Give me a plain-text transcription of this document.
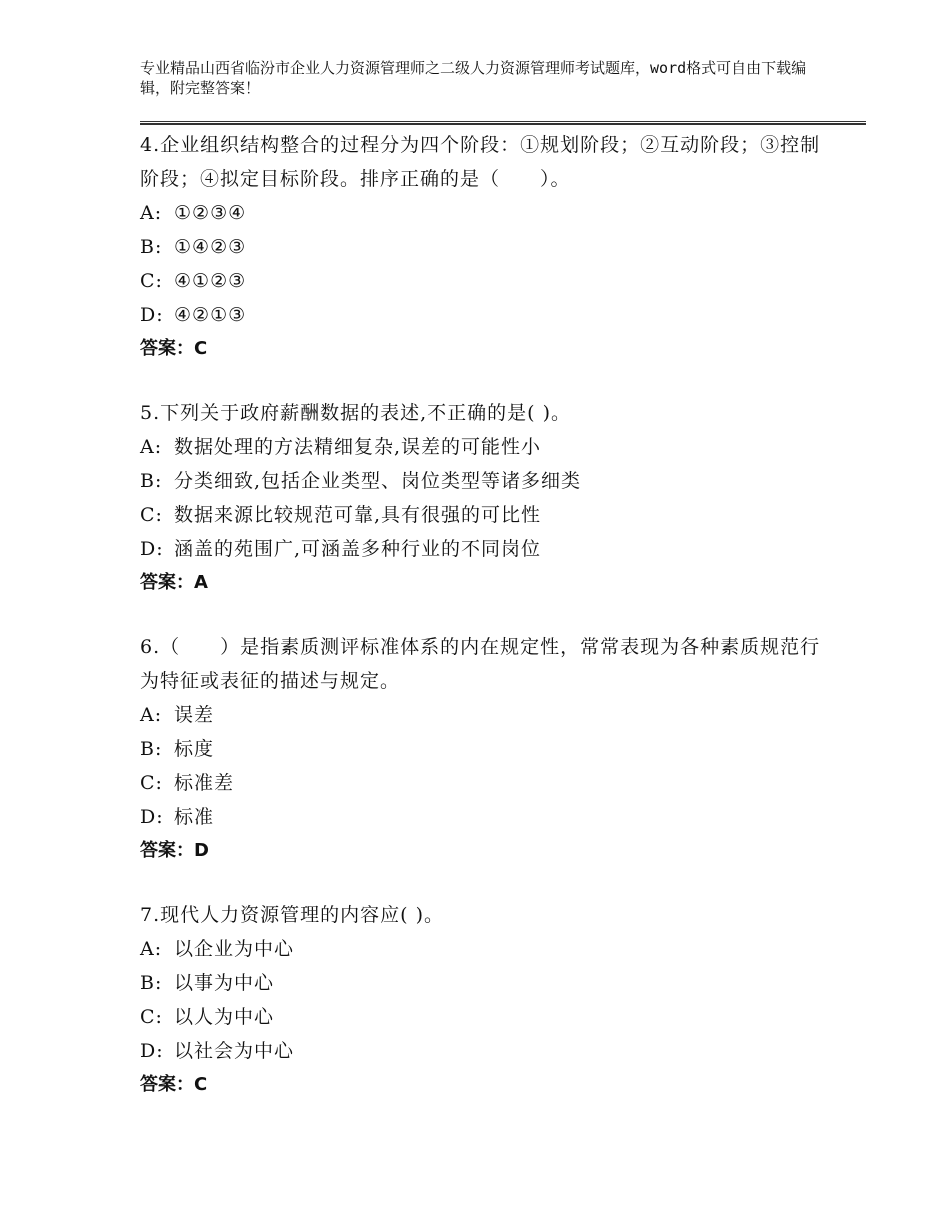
专业精品山西省临汾市企业人力资源管理师之二级人力资源管理师考试题库，word格式可自由下载编辑，附完整答案！

4.企业组织结构整合的过程分为四个阶段：①规划阶段；②互动阶段；③控制阶段；④拟定目标阶段。排序正确的是（　　）。

A: ①②③④
B: ①④②③
C: ④①②③
D: ④②①③
答案：C

5.下列关于政府薪酬数据的表述,不正确的是( )。

A: 数据处理的方法精细复杂,误差的可能性小
B: 分类细致,包括企业类型、岗位类型等诸多细类
C: 数据来源比较规范可靠,具有很强的可比性
D: 涵盖的苑围广,可涵盖多种行业的不同岗位
答案：A

6.（　　）是指素质测评标准体系的内在规定性，常常表现为各种素质规范行为特征或表征的描述与规定。

A: 误差
B: 标度
C: 标准差
D: 标准
答案：D

7.现代人力资源管理的内容应( )。

A: 以企业为中心
B: 以事为中心
C: 以人为中心
D: 以社会为中心
答案：C
